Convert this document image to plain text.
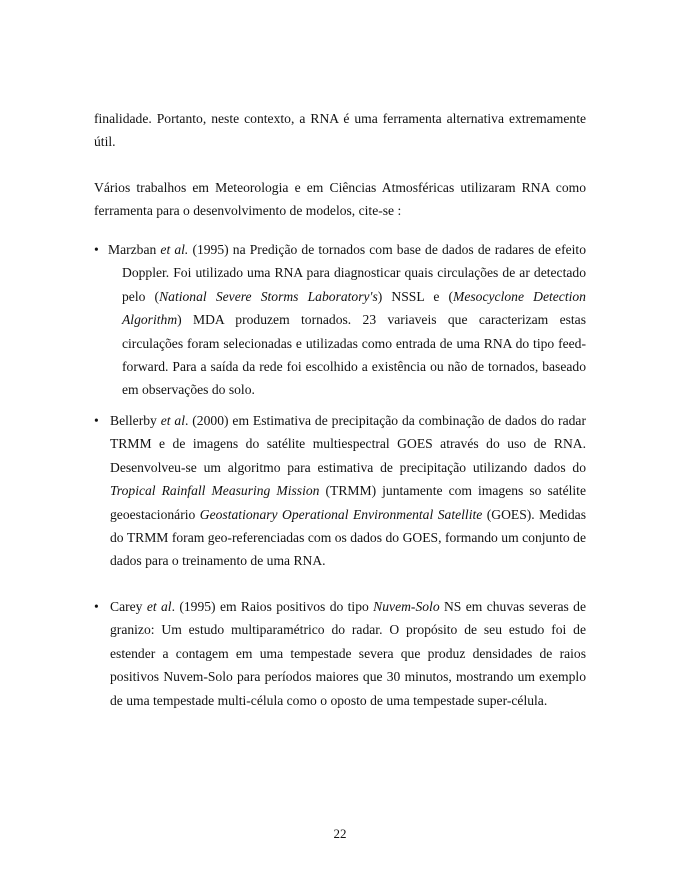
finalidade. Portanto, neste contexto, a RNA é uma ferramenta alternativa extremamente útil.

Vários trabalhos em Meteorologia e em Ciências Atmosféricas utilizaram RNA como ferramenta para o desenvolvimento de modelos, cite-se :

• Marzban et al. (1995) na Predição de tornados com base de dados de radares de efeito Doppler. Foi utilizado uma RNA para diagnosticar quais circulações de ar detectado pelo (National Severe Storms Laboratory's) NSSL e (Mesocyclone Detection Algorithm) MDA produzem tornados. 23 variaveis que caracterizam estas circulações foram selecionadas e utilizadas como entrada de uma RNA do tipo feed-forward. Para a saída da rede foi escolhido a existência ou não de tornados, baseado em observações do solo.
• Bellerby et al. (2000) em Estimativa de precipitação da combinação de dados do radar TRMM e de imagens do satélite multiespectral GOES através do uso de RNA. Desenvolveu-se um algoritmo para estimativa de precipitação utilizando dados do Tropical Rainfall Measuring Mission (TRMM) juntamente com imagens so satélite geoestacionário Geostationary Operational Environmental Satellite (GOES). Medidas do TRMM foram geo-referenciadas com os dados do GOES, formando um conjunto de dados para o treinamento de uma RNA.
• Carey et al. (1995) em Raios positivos do tipo Nuvem-Solo NS em chuvas severas de granizo: Um estudo multiparamétrico do radar. O propósito de seu estudo foi de estender a contagem em uma tempestade severa que produz densidades de raios positivos Nuvem-Solo para períodos maiores que 30 minutos, mostrando um exemplo de uma tempestade multi-célula como o oposto de uma tempestade super-célula.
22
